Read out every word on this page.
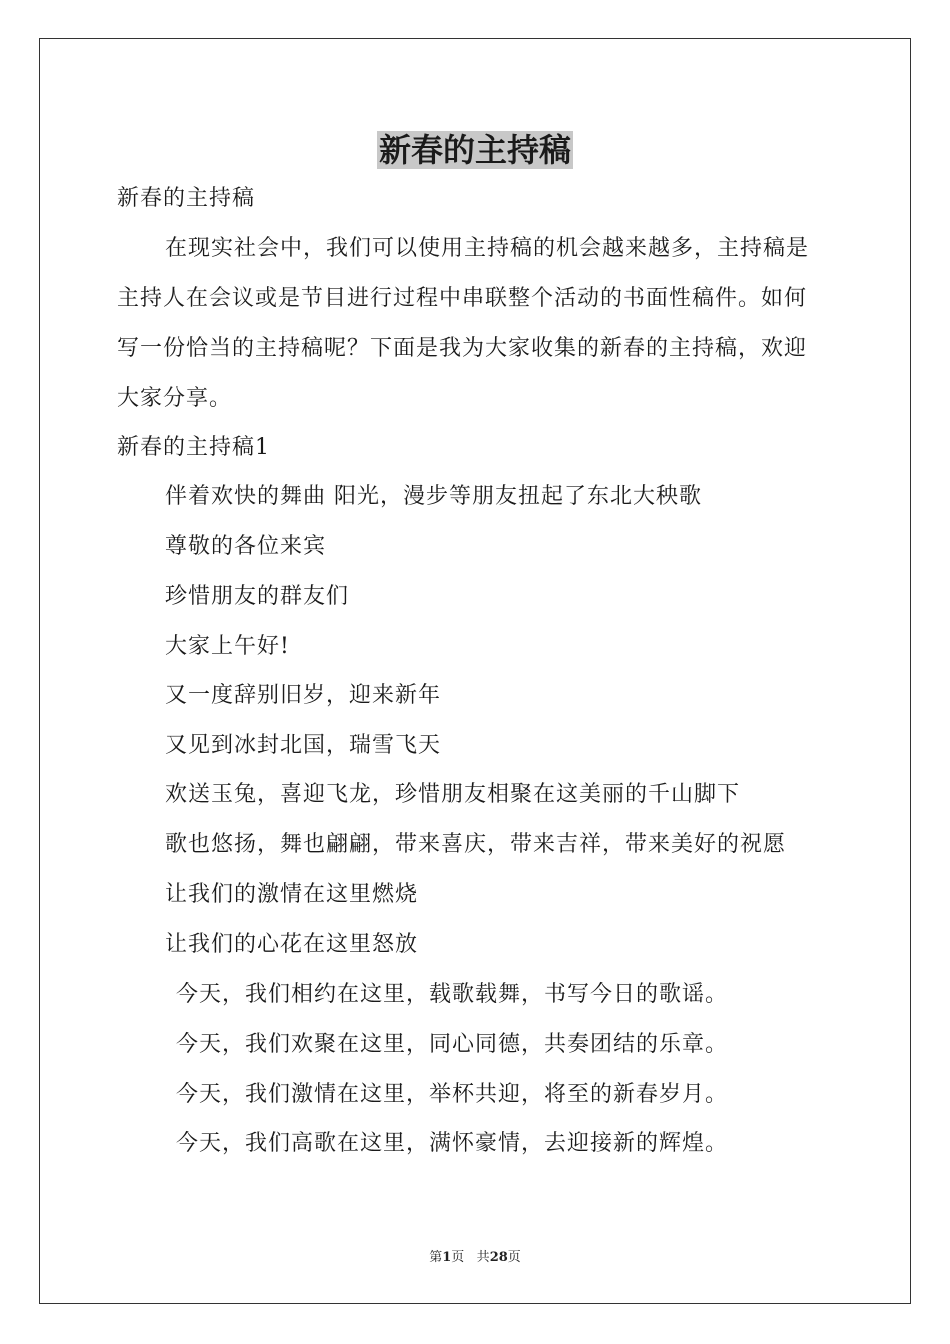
新春的主持稿
新春的主持稿
在现实社会中，我们可以使用主持稿的机会越来越多，主持稿是
主持人在会议或是节目进行过程中串联整个活动的书面性稿件。如何
写一份恰当的主持稿呢？下面是我为大家收集的新春的主持稿，欢迎
大家分享。
新春的主持稿1
伴着欢快的舞曲 阳光，漫步等朋友扭起了东北大秧歌
尊敬的各位来宾
珍惜朋友的群友们
大家上午好!
又一度辞别旧岁，迎来新年
又见到冰封北国，瑞雪飞天
欢送玉兔，喜迎飞龙，珍惜朋友相聚在这美丽的千山脚下
歌也悠扬，舞也翩翩，带来喜庆，带来吉祥，带来美好的祝愿
让我们的激情在这里燃烧
让我们的心花在这里怒放
今天，我们相约在这里，载歌载舞，书写今日的歌谣。
今天，我们欢聚在这里，同心同德，共奏团结的乐章。
今天，我们激情在这里，举杯共迎，将至的新春岁月。
今天，我们高歌在这里，满怀豪情，去迎接新的辉煌。
第1页 共28页
